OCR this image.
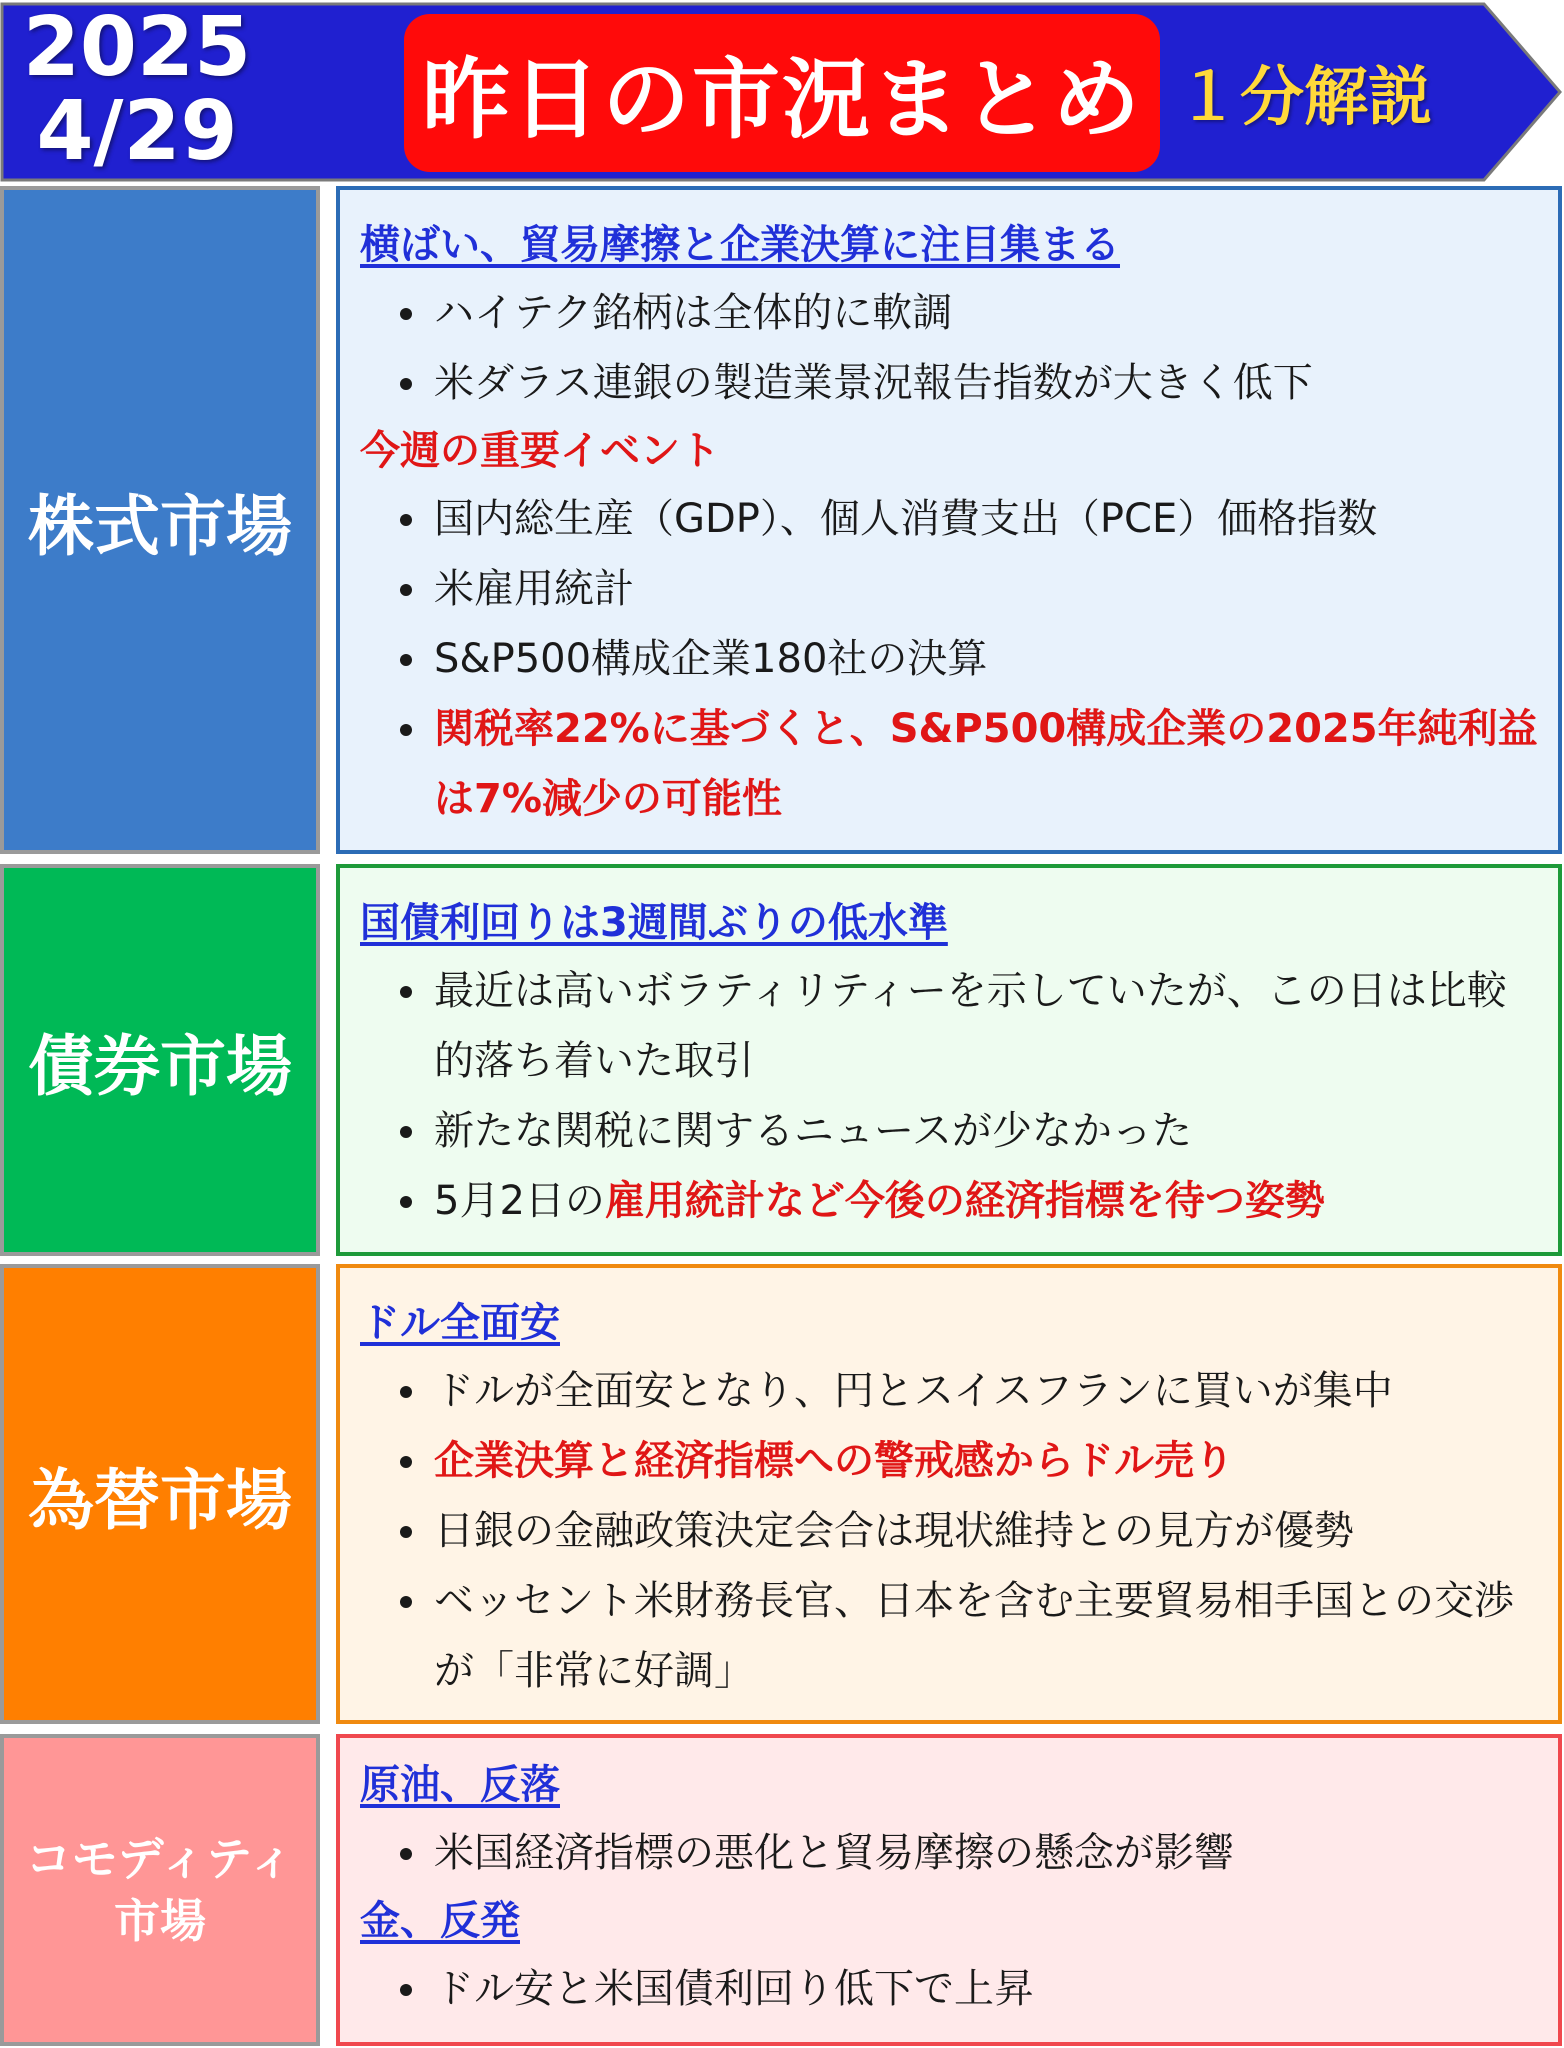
2025
4/29	昨日の市況まとめ １分解説
株式市場
横ばい、貿易摩擦と企業決算に注目集まる
ハイテク銘柄は全体的に軟調
米ダラス連銀の製造業景況報告指数が大きく低下
今週の重要イベント
国内総生産（GDP）、個人消費支出（PCE）価格指数
米雇用統計
S&P500構成企業180社の決算
関税率22%に基づくと、S&P500構成企業の2025年純利益は7%減少の可能性
債券市場
国債利回りは3週間ぶりの低水準
最近は高いボラティリティーを示していたが、この日は比較的落ち着いた取引
新たな関税に関するニュースが少なかった
5月2日の雇用統計など今後の経済指標を待つ姿勢
為替市場
ドル全面安
ドルが全面安となり、円とスイスフランに買いが集中
企業決算と経済指標への警戒感からドル売り
日銀の金融政策決定会合は現状維持との見方が優勢
ベッセント米財務長官、日本を含む主要貿易相手国との交渉が「非常に好調」
コモディティ
市場
原油、反落
米国経済指標の悪化と貿易摩擦の懸念が影響
金、反発
ドル安と米国債利回り低下で上昇
